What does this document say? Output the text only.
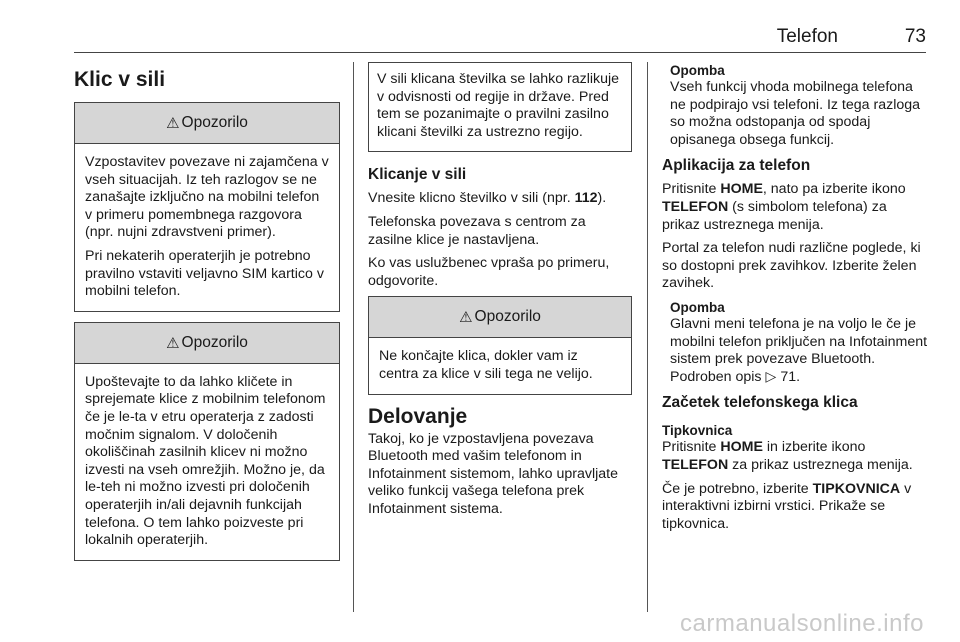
Telefon	73
Klic v sili
⚠ Opozorilo

Vzpostavitev povezave ni zajamčena v vseh situacijah. Iz teh razlogov se ne zanašajte izključno na mobilni telefon v primeru pomembnega razgovora (npr. nujni zdravstveni primer).

Pri nekaterih operaterjih je potrebno pravilno vstaviti veljavno SIM kartico v mobilni telefon.

⚠ Opozorilo

Upoštevajte to da lahko kličete in sprejemate klice z mobilnim telefonom če je le-ta v etru operaterja z zadosti močnim signalom. V določenih okoliščinah zasilnih klicev ni možno izvesti na vseh omrežjih. Možno je, da le-teh ni možno izvesti pri določenih operaterjih in/ali dejavnih funkcijah telefona. O tem lahko poizveste pri lokalnih operaterjih.

V sili klicana številka se lahko razlikuje v odvisnosti od regije in države. Pred tem se pozanimajte o pravilni zasilno klicani številki za ustrezno regijo.

Klicanje v sili

Vnesite klicno številko v sili (npr. 112).

Telefonska povezava s centrom za zasilne klice je nastavljena.

Ko vas uslužbenec vpraša po primeru, odgovorite.

⚠ Opozorilo

Ne končajte klica, dokler vam iz centra za klice v sili tega ne velijo.

Delovanje

Takoj, ko je vzpostavljena povezava Bluetooth med vašim telefonom in Infotainment sistemom, lahko upravljate veliko funkcij vašega telefona prek Infotainment sistema.

Opomba

Vseh funkcij vhoda mobilnega telefona ne podpirajo vsi telefoni. Iz tega razloga so možna odstopanja od spodaj opisanega obsega funkcij.

Aplikacija za telefon

Pritisnite HOME, nato pa izberite ikono TELEFON (s simbolom telefona) za prikaz ustreznega menija.

Portal za telefon nudi različne poglede, ki so dostopni prek zavihkov. Izberite želen zavihek.

Opomba

Glavni meni telefona je na voljo le če je mobilni telefon priključen na Infotainment sistem prek povezave Bluetooth. Podroben opis ▷ 71.

Začetek telefonskega klica

Tipkovnica

Pritisnite HOME in izberite ikono TELEFON za prikaz ustreznega menija.

Če je potrebno, izberite TIPKOVNICA v interaktivni izbirni vrstici. Prikaže se tipkovnica.

carmanualsonline.info
